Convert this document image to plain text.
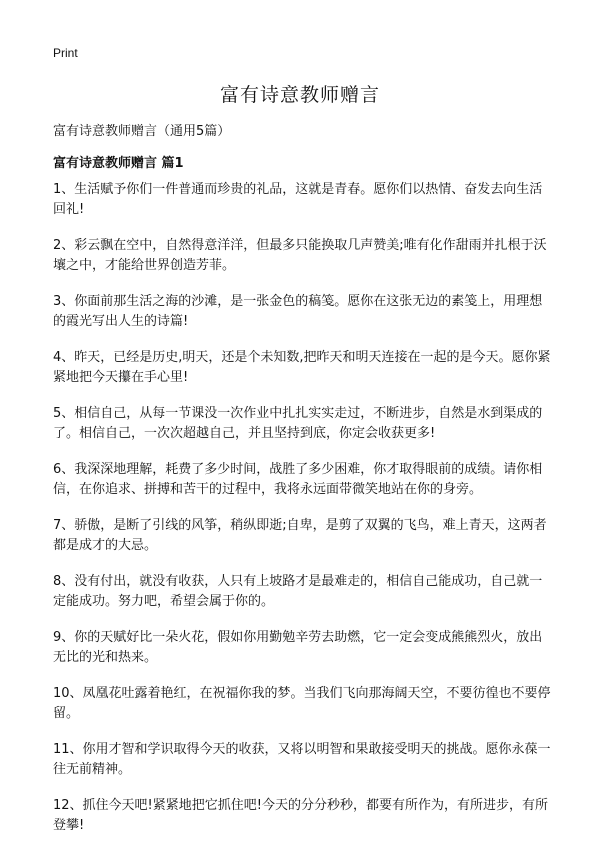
Print
富有诗意教师赠言

富有诗意教师赠言（通用5篇）

富有诗意教师赠言 篇1

1、生活赋予你们一件普通而珍贵的礼品，这就是青春。愿你们以热情、奋发去向生活回礼!
2、彩云飘在空中，自然得意洋洋，但最多只能换取几声赞美;唯有化作甜雨并扎根于沃壤之中，才能给世界创造芳菲。
3、你面前那生活之海的沙滩，是一张金色的稿笺。愿你在这张无边的素笺上，用理想的霞光写出人生的诗篇!
4、昨天，已经是历史,明天，还是个未知数,把昨天和明天连接在一起的是今天。愿你紧紧地把今天攥在手心里!
5、相信自己，从每一节课没一次作业中扎扎实实走过，不断进步，自然是水到渠成的了。相信自己，一次次超越自己，并且坚持到底，你定会收获更多!
6、我深深地理解，耗费了多少时间，战胜了多少困难，你才取得眼前的成绩。请你相信，在你追求、拼搏和苦干的过程中，我将永远面带微笑地站在你的身旁。
7、骄傲，是断了引线的风筝，稍纵即逝;自卑，是剪了双翼的飞鸟，难上青天，这两者都是成才的大忌。
8、没有付出，就没有收获，人只有上坡路才是最难走的，相信自己能成功，自己就一定能成功。努力吧，希望会属于你的。
9、你的天赋好比一朵火花，假如你用勤勉辛劳去助燃，它一定会变成熊熊烈火，放出无比的光和热来。
10、凤凰花吐露着艳红，在祝福你我的梦。当我们飞向那海阔天空，不要彷徨也不要停留。
11、你用才智和学识取得今天的收获，又将以明智和果敢接受明天的挑战。愿你永葆一往无前精神。
12、抓住今天吧!紧紧地把它抓住吧!今天的分分秒秒，都要有所作为，有所进步，有所登攀!
